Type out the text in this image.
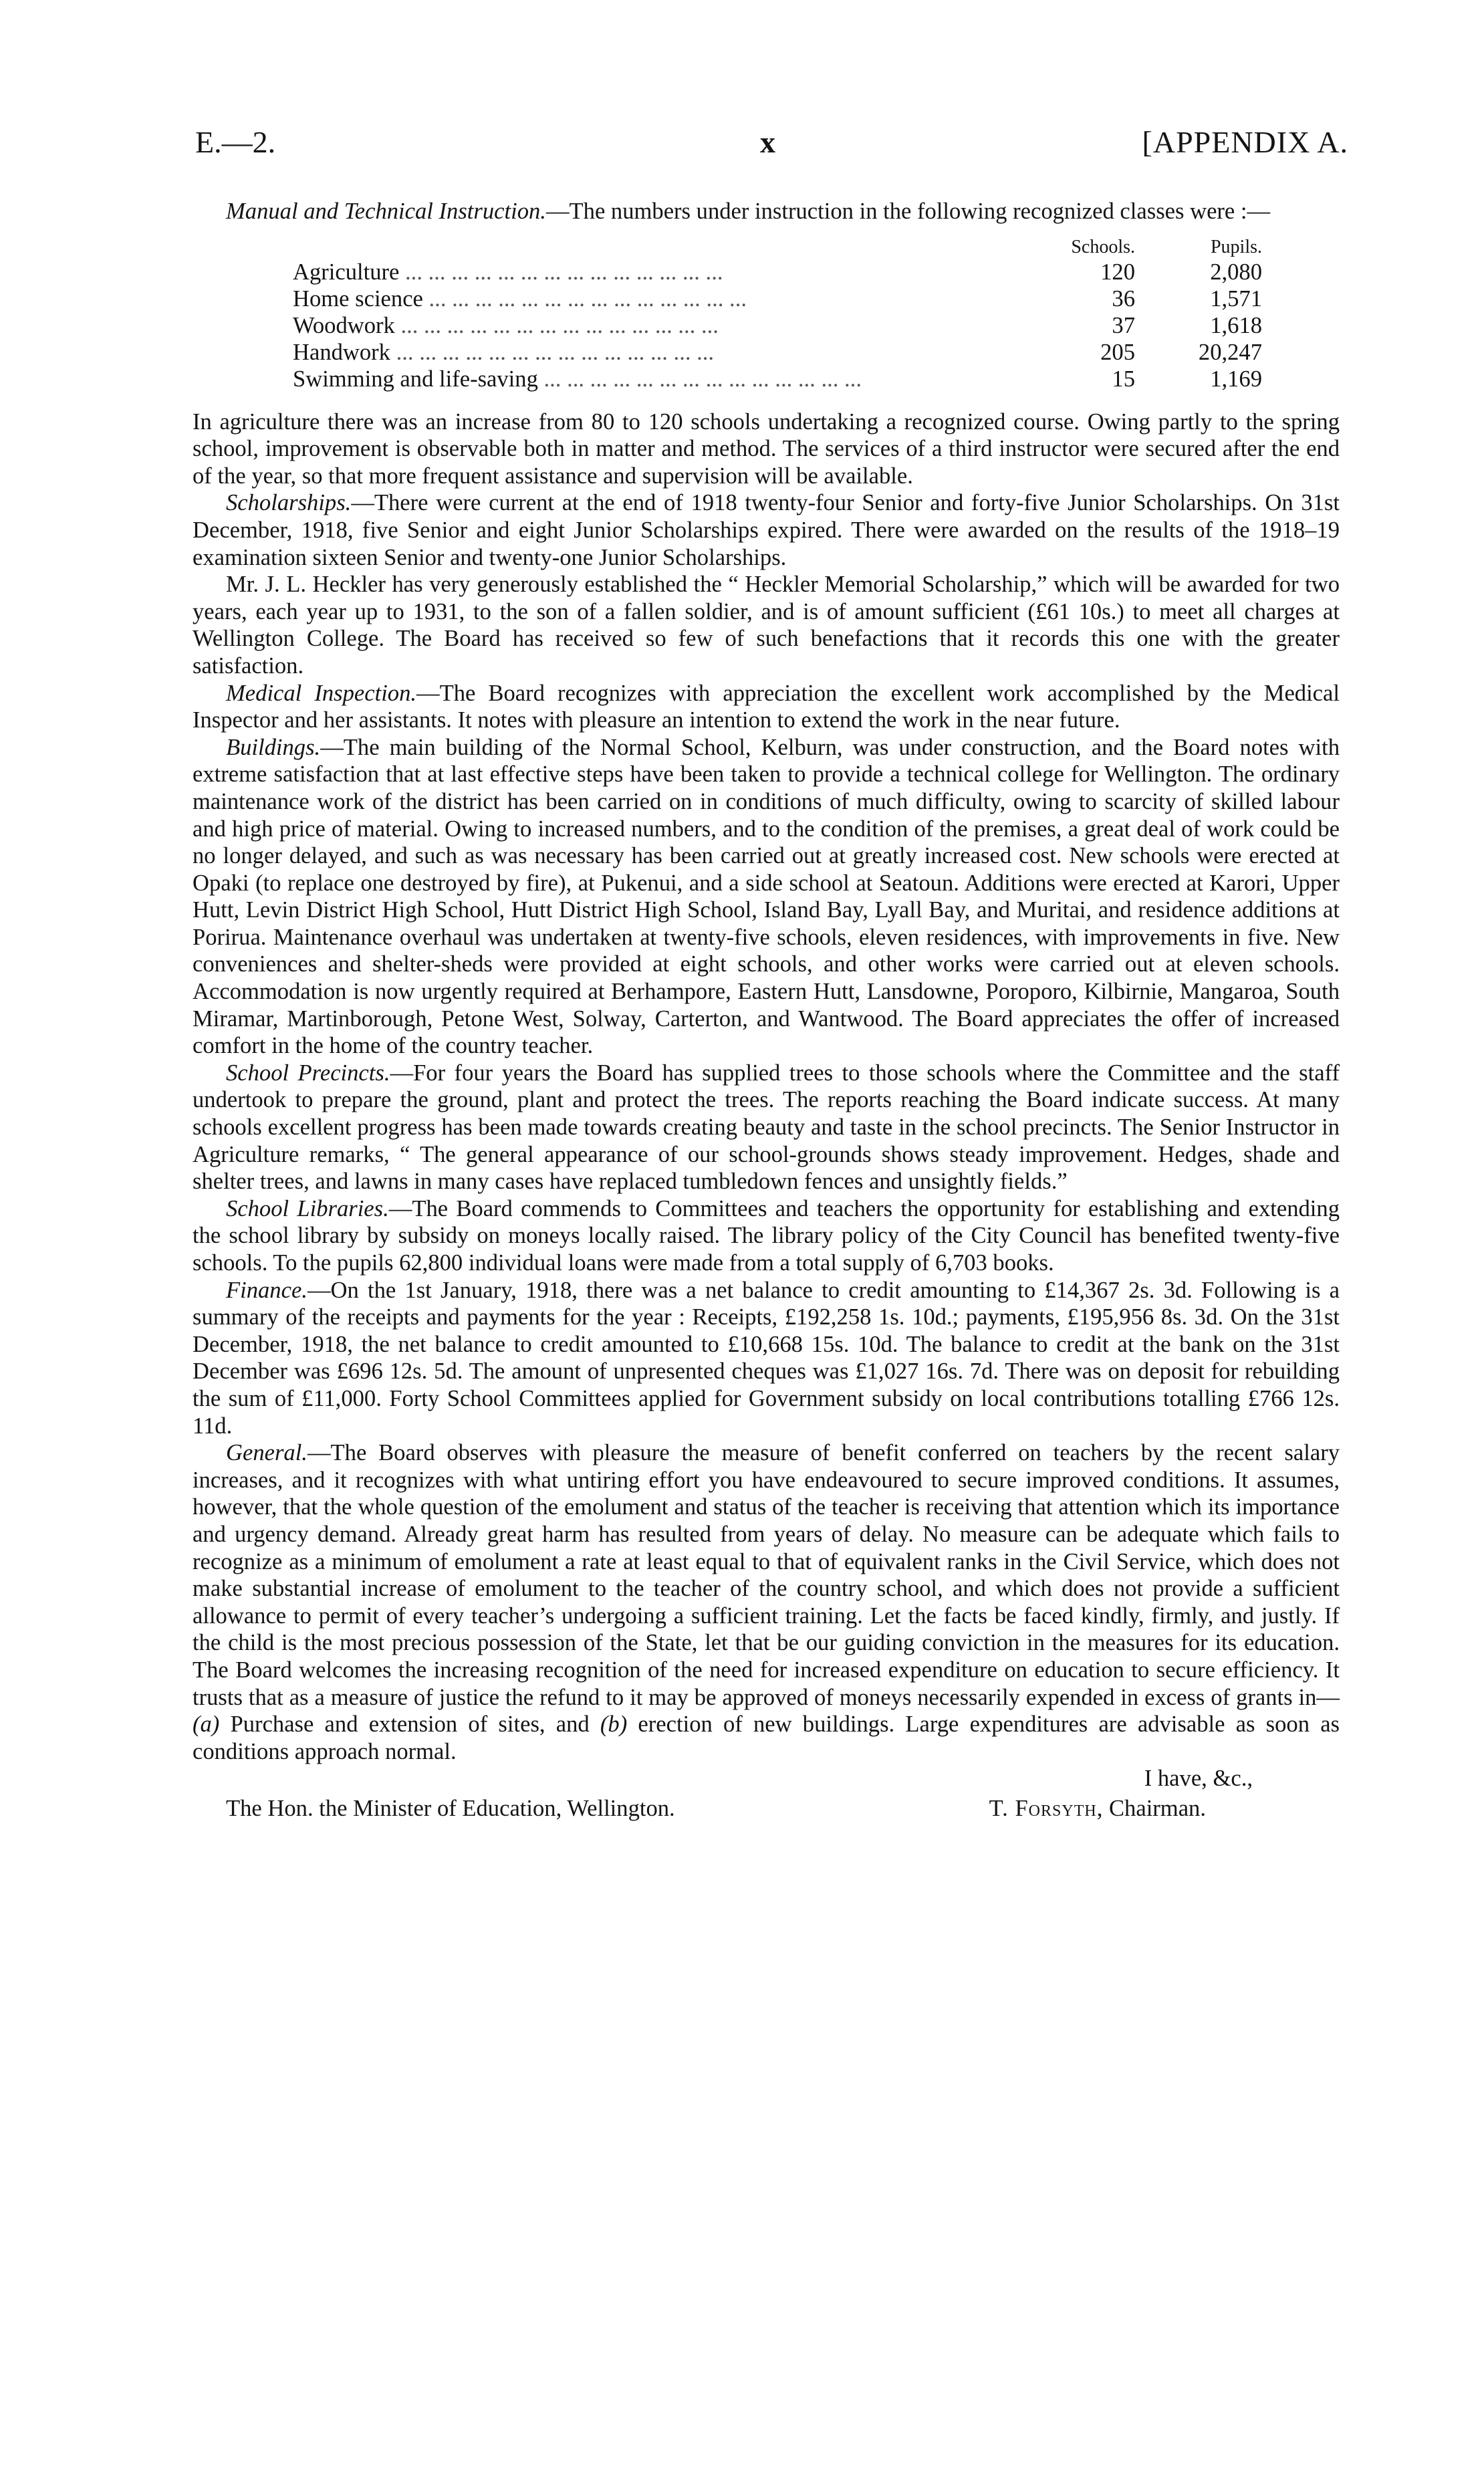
E.—2.	x	[APPENDIX A.

Manual and Technical Instruction.—The numbers under instruction in the following recognized classes were :—

	Schools.	Pupils.
Agriculture ...	120	2,080
Home science ...	36	1,571
Woodwork ...	37	1,618
Handwork ...	205	20,247
Swimming and life-saving ...	15	1,169

In agriculture there was an increase from 80 to 120 schools undertaking a recognized course. Owing partly to the spring school, improvement is observable both in matter and method. The services of a third instructor were secured after the end of the year, so that more frequent assistance and supervision will be available.

Scholarships.—There were current at the end of 1918 twenty-four Senior and forty-five Junior Scholarships. On 31st December, 1918, five Senior and eight Junior Scholarships expired. There were awarded on the results of the 1918–19 examination sixteen Senior and twenty-one Junior Scholarships.

Mr. J. L. Heckler has very generously established the “ Heckler Memorial Scholarship,” which will be awarded for two years, each year up to 1931, to the son of a fallen soldier, and is of amount sufficient (£61 10s.) to meet all charges at Wellington College. The Board has received so few of such benefactions that it records this one with the greater satisfaction.

Medical Inspection.—The Board recognizes with appreciation the excellent work accomplished by the Medical Inspector and her assistants. It notes with pleasure an intention to extend the work in the near future.

Buildings.—The main building of the Normal School, Kelburn, was under construction, and the Board notes with extreme satisfaction that at last effective steps have been taken to provide a technical college for Wellington. The ordinary maintenance work of the district has been carried on in conditions of much difficulty, owing to scarcity of skilled labour and high price of material. Owing to increased numbers, and to the condition of the premises, a great deal of work could be no longer delayed, and such as was necessary has been carried out at greatly increased cost. New schools were erected at Opaki (to replace one destroyed by fire), at Pukenui, and a side school at Seatoun. Additions were erected at Karori, Upper Hutt, Levin District High School, Hutt District High School, Island Bay, Lyall Bay, and Muritai, and residence additions at Porirua. Maintenance overhaul was undertaken at twenty-five schools, eleven residences, with improvements in five. New conveniences and shelter-sheds were provided at eight schools, and other works were carried out at eleven schools. Accommodation is now urgently required at Berhampore, Eastern Hutt, Lansdowne, Poroporo, Kilbirnie, Mangaroa, South Miramar, Martinborough, Petone West, Solway, Carterton, and Wantwood. The Board appreciates the offer of increased comfort in the home of the country teacher.

School Precincts.—For four years the Board has supplied trees to those schools where the Committee and the staff undertook to prepare the ground, plant and protect the trees. The reports reaching the Board indicate success. At many schools excellent progress has been made towards creating beauty and taste in the school precincts. The Senior Instructor in Agriculture remarks, “ The general appearance of our school-grounds shows steady improvement. Hedges, shade and shelter trees, and lawns in many cases have replaced tumbledown fences and unsightly fields.”

School Libraries.—The Board commends to Committees and teachers the opportunity for establishing and extending the school library by subsidy on moneys locally raised. The library policy of the City Council has benefited twenty-five schools. To the pupils 62,800 individual loans were made from a total supply of 6,703 books.

Finance.—On the 1st January, 1918, there was a net balance to credit amounting to £14,367 2s. 3d. Following is a summary of the receipts and payments for the year : Receipts, £192,258 1s. 10d.; payments, £195,956 8s. 3d. On the 31st December, 1918, the net balance to credit amounted to £10,668 15s. 10d. The balance to credit at the bank on the 31st December was £696 12s. 5d. The amount of unpresented cheques was £1,027 16s. 7d. There was on deposit for rebuilding the sum of £11,000. Forty School Committees applied for Government subsidy on local contributions totalling £766 12s. 11d.

General.—The Board observes with pleasure the measure of benefit conferred on teachers by the recent salary increases, and it recognizes with what untiring effort you have endeavoured to secure improved conditions. It assumes, however, that the whole question of the emolument and status of the teacher is receiving that attention which its importance and urgency demand. Already great harm has resulted from years of delay. No measure can be adequate which fails to recognize as a minimum of emolument a rate at least equal to that of equivalent ranks in the Civil Service, which does not make substantial increase of emolument to the teacher of the country school, and which does not provide a sufficient allowance to permit of every teacher’s undergoing a sufficient training. Let the facts be faced kindly, firmly, and justly. If the child is the most precious possession of the State, let that be our guiding conviction in the measures for its education. The Board welcomes the increasing recognition of the need for increased expenditure on education to secure efficiency. It trusts that as a measure of justice the refund to it may be approved of moneys necessarily expended in excess of grants in—(a) Purchase and extension of sites, and (b) erection of new buildings. Large expenditures are advisable as soon as conditions approach normal.

I have, &c.,
The Hon. the Minister of Education, Wellington.	T. Forsyth, Chairman.
